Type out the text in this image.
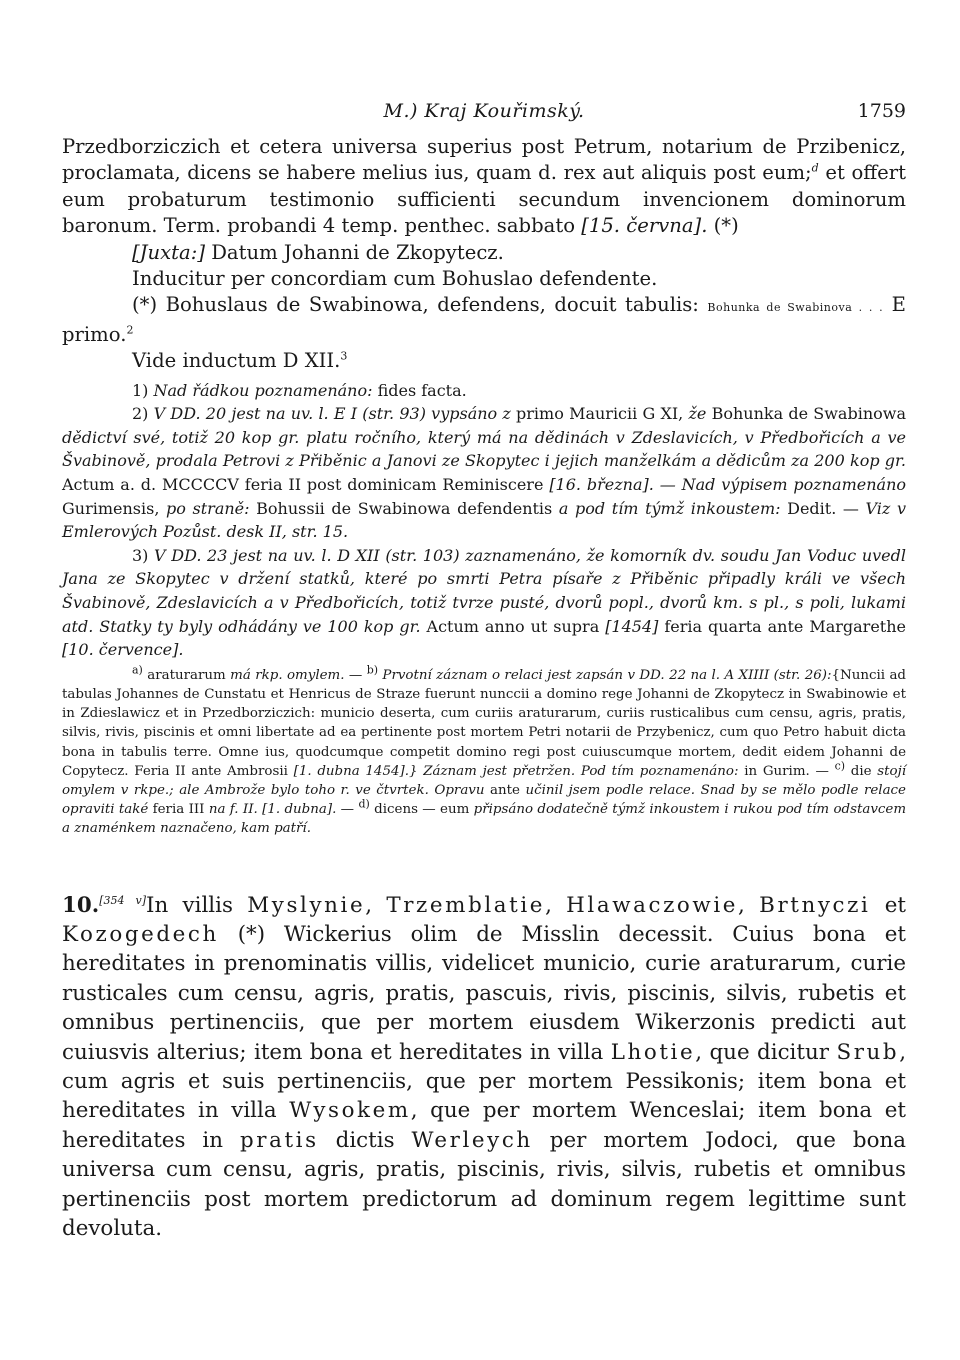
M.) Kraj Kouřimský.	1759

Przedborziczich et cetera universa superius post Petrum, notarium de Przibenicz, proclamata, dicens se habere melius ius, quam d. rex aut aliquis post eum;$^d$ et offert eum probaturum testimonio sufficienti secundum invencionem dominorum baronum. Term. probandi 4 temp. penthec. sabbato [15. června]. (*)

[Juxta:] Datum Johanni de Zkopytecz.

Inducitur per concordiam cum Bohuslao defendente.

(*) Bohuslaus de Swabinowa, defendens, docuit tabulis: Bohunka de Swabinova . . . E primo.$^2$

Vide inductum D XII.$^3$

1) Nad řádkou poznamenáno: fides facta.

2) V DD. 20 jest na uv. l. E I (str. 93) vypsáno z primo Mauricii G XI, že Bohunka de Swabinowa dědictví své, totiž 20 kop gr. platu ročního, který má na dědinách v Zdeslavicích, v Předbořicích a ve Švabinově, prodala Petrovi z Přiběnic a Janovi ze Skopytec i jejich manželkám a dědicům za 200 kop gr. Actum a. d. MCCCCV feria II post dominicam Reminiscere [16. března]. — Nad výpisem poznamenáno Gurimensis, po straně: Bohussii de Swabinowa defendentis a pod tím týmž inkoustem: Dedit. — Viz v Emlerových Pozůst. desk II, str. 15.

3) V DD. 23 jest na uv. l. D XII (str. 103) zaznamenáno, že komorník dv. soudu Jan Voduc uvedl Jana ze Skopytec v držení statků, které po smrti Petra písaře z Přiběnic připadly králi ve všech Švabinově, Zdeslavicích a v Předbořicích, totiž tvrze pusté, dvorů popl., dvorů km. s pl., s poli, lukami atd. Statky ty byly odhádány ve 100 kop gr. Actum anno ut supra [1454] feria quarta ante Margarethe [10. července].

$^{a)}$ araturarum má rkp. omylem. — $^{b)}$ Prvotní záznam o relaci jest zapsán v DD. 22 na l. A XIIII (str. 26):{Nuncii ad tabulas Johannes de Cunstatu et Henricus de Straze fuerunt nunccii a domino rege Johanni de Zkopytecz in Swabinowie et in Zdieslawicz et in Przedborziczich: municio deserta, cum curiis araturarum, curiis rusticalibus cum censu, agris, pratis, silvis, rivis, piscinis et omni libertate ad ea pertinente post mortem Petri notarii de Przybenicz, cum quo Petro habuit dicta bona in tabulis terre. Omne ius, quodcumque competit domino regi post cuiuscumque mortem, dedit eidem Johanni de Copytecz. Feria II ante Ambrosii [1. dubna 1454].} Záznam jest přetržen. Pod tím poznamenáno: in Gurim. — $^{c)}$ die stojí omylem v rkpe.; ale Ambrože bylo toho r. ve čtvrtek. Opravu ante učinil jsem podle relace. Snad by se mělo podle relace opraviti také feria III na f. II. [1. dubna]. — $^{d)}$ dicens — eum připsáno dodatečně týmž inkoustem i rukou pod tím odstavcem a znaménkem naznačeno, kam patří.

10.[354 v]In villis Myslynie, Trzemblatie, Hlawaczowie, Brtnyczi et Kozogedech (*) Wickerius olim de Misslin decessit. Cuius bona et hereditates in prenominatis villis, videlicet municio, curie araturarum, curie rusticales cum censu, agris, pratis, pascuis, rivis, piscinis, silvis, rubetis et omnibus pertinenciis, que per mortem eiusdem Wikerzonis predicti aut cuiusvis alterius; item bona et hereditates in villa Lhotie, que dicitur Srub, cum agris et suis pertinenciis, que per mortem Pessikonis; item bona et hereditates in villa Wysokem, que per mortem Wenceslai; item bona et hereditates in pratis dictis Werleych per mortem Jodoci, que bona universa cum censu, agris, pratis, piscinis, rivis, silvis, rubetis et omnibus pertinenciis post mortem predictorum ad dominum regem legittime sunt devoluta.
